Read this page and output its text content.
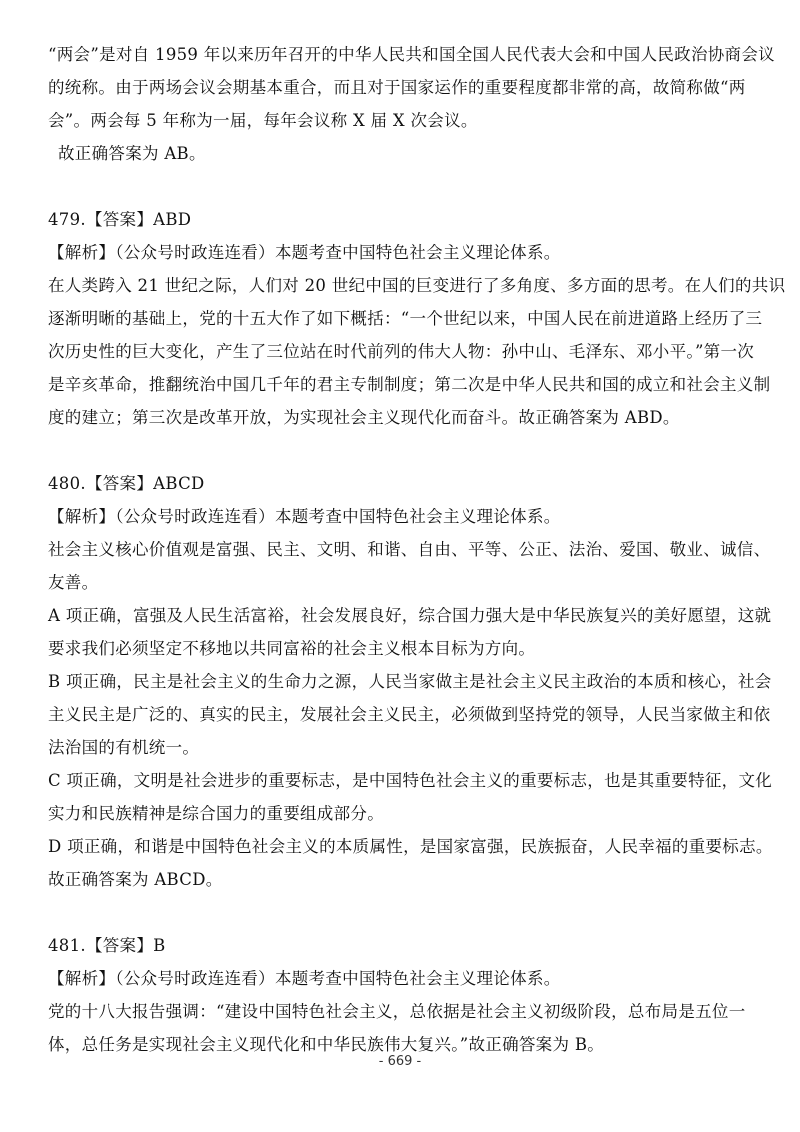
“两会”是对自 1959 年以来历年召开的中华人民共和国全国人民代表大会和中国人民政治协商会议
的统称。由于两场会议会期基本重合，而且对于国家运作的重要程度都非常的高，故简称做“两
会”。两会每 5 年称为一届，每年会议称 X 届 X 次会议。
故正确答案为 AB。
479.【答案】ABD
【解析】（公众号时政连连看）本题考查中国特色社会主义理论体系。
在人类跨入 21 世纪之际，人们对 20 世纪中国的巨变进行了多角度、多方面的思考。在人们的共识
逐渐明晰的基础上，党的十五大作了如下概括：“一个世纪以来，中国人民在前进道路上经历了三
次历史性的巨大变化，产生了三位站在时代前列的伟大人物：孙中山、毛泽东、邓小平。”第一次
是辛亥革命，推翻统治中国几千年的君主专制制度；第二次是中华人民共和国的成立和社会主义制
度的建立；第三次是改革开放，为实现社会主义现代化而奋斗。故正确答案为 ABD。
480.【答案】ABCD
【解析】（公众号时政连连看）本题考查中国特色社会主义理论体系。
社会主义核心价值观是富强、民主、文明、和谐、自由、平等、公正、法治、爱国、敬业、诚信、
友善。
A 项正确，富强及人民生活富裕，社会发展良好，综合国力强大是中华民族复兴的美好愿望，这就
要求我们必须坚定不移地以共同富裕的社会主义根本目标为方向。
B 项正确，民主是社会主义的生命力之源，人民当家做主是社会主义民主政治的本质和核心，社会
主义民主是广泛的、真实的民主，发展社会主义民主，必须做到坚持党的领导，人民当家做主和依
法治国的有机统一。
C 项正确，文明是社会进步的重要标志，是中国特色社会主义的重要标志，也是其重要特征，文化
实力和民族精神是综合国力的重要组成部分。
D 项正确，和谐是中国特色社会主义的本质属性，是国家富强，民族振奋，人民幸福的重要标志。
故正确答案为 ABCD。
481.【答案】B
【解析】（公众号时政连连看）本题考查中国特色社会主义理论体系。
党的十八大报告强调：“建设中国特色社会主义，总依据是社会主义初级阶段，总布局是五位一
体，总任务是实现社会主义现代化和中华民族伟大复兴。”故正确答案为 B。
- 669 -
